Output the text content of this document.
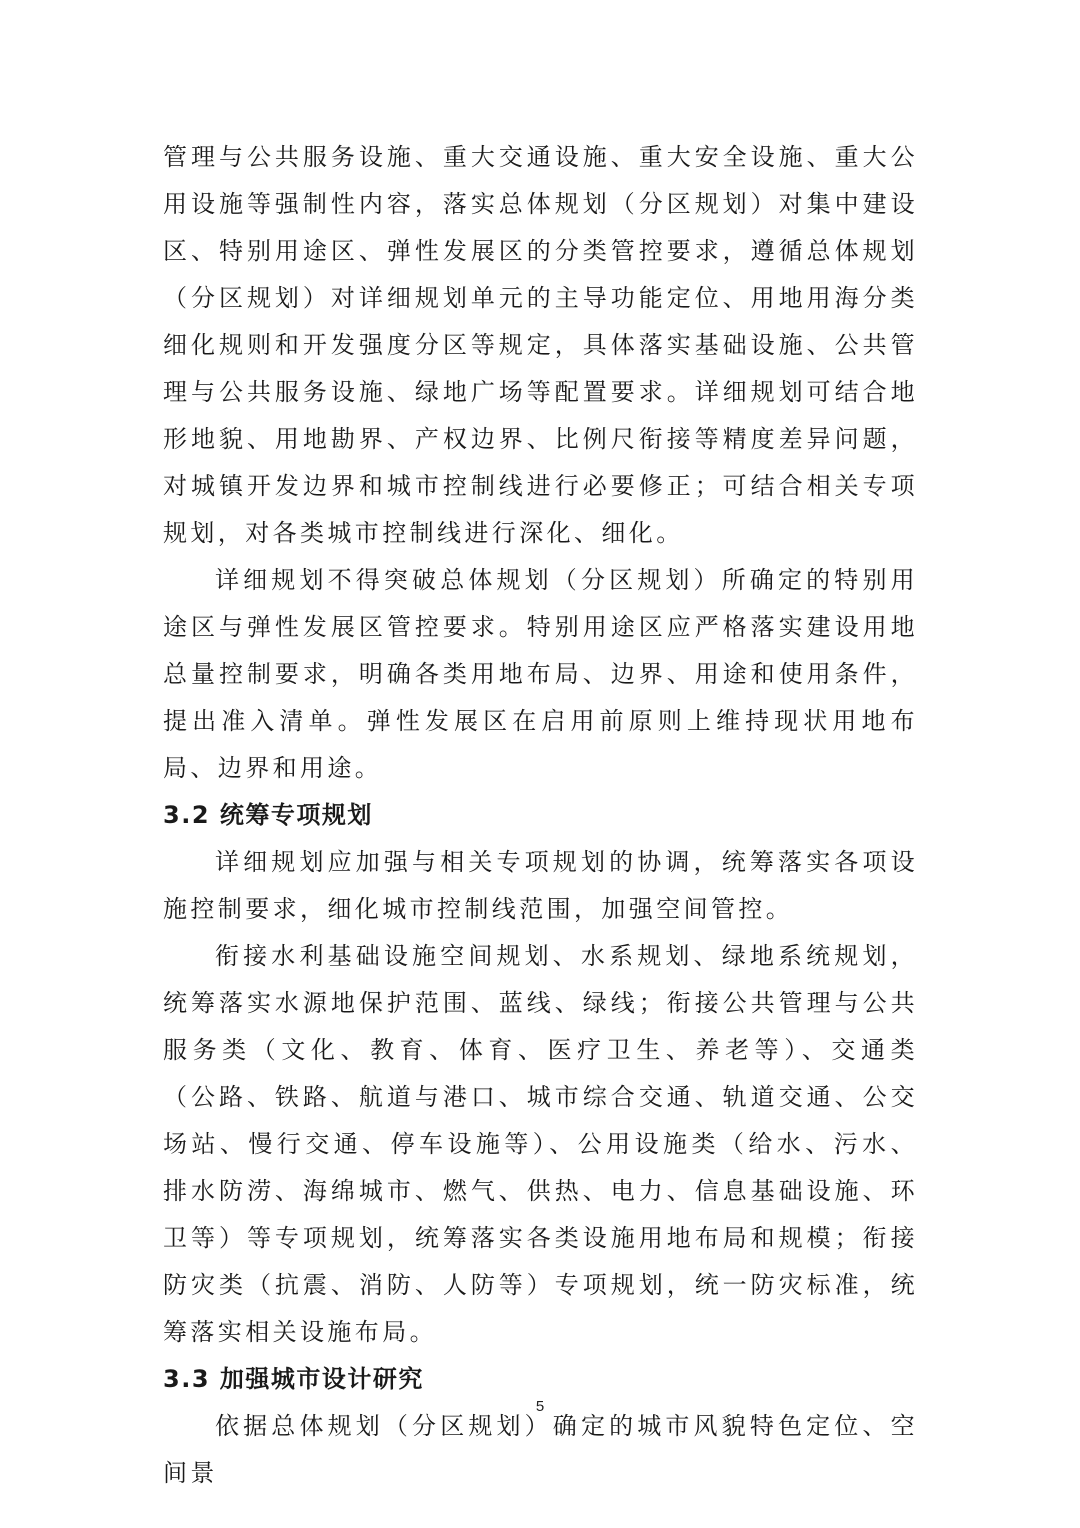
管理与公共服务设施、重大交通设施、重大安全设施、重大公用设施等强制性内容，落实总体规划（分区规划）对集中建设区、特别用途区、弹性发展区的分类管控要求，遵循总体规划（分区规划）对详细规划单元的主导功能定位、用地用海分类细化规则和开发强度分区等规定，具体落实基础设施、公共管理与公共服务设施、绿地广场等配置要求。详细规划可结合地形地貌、用地勘界、产权边界、比例尺衔接等精度差异问题，对城镇开发边界和城市控制线进行必要修正；可结合相关专项规划，对各类城市控制线进行深化、细化。

详细规划不得突破总体规划（分区规划）所确定的特别用途区与弹性发展区管控要求。特别用途区应严格落实建设用地总量控制要求，明确各类用地布局、边界、用途和使用条件，提出准入清单。弹性发展区在启用前原则上维持现状用地布局、边界和用途。

3.2 统筹专项规划

详细规划应加强与相关专项规划的协调，统筹落实各项设施控制要求，细化城市控制线范围，加强空间管控。

衔接水利基础设施空间规划、水系规划、绿地系统规划，统筹落实水源地保护范围、蓝线、绿线；衔接公共管理与公共服务类（文化、教育、体育、医疗卫生、养老等）、交通类（公路、铁路、航道与港口、城市综合交通、轨道交通、公交场站、慢行交通、停车设施等）、公用设施类（给水、污水、排水防涝、海绵城市、燃气、供热、电力、信息基础设施、环卫等）等专项规划，统筹落实各类设施用地布局和规模；衔接防灾类（抗震、消防、人防等）专项规划，统一防灾标准，统筹落实相关设施布局。

3.3 加强城市设计研究

依据总体规划（分区规划）确定的城市风貌特色定位、空间景

5
